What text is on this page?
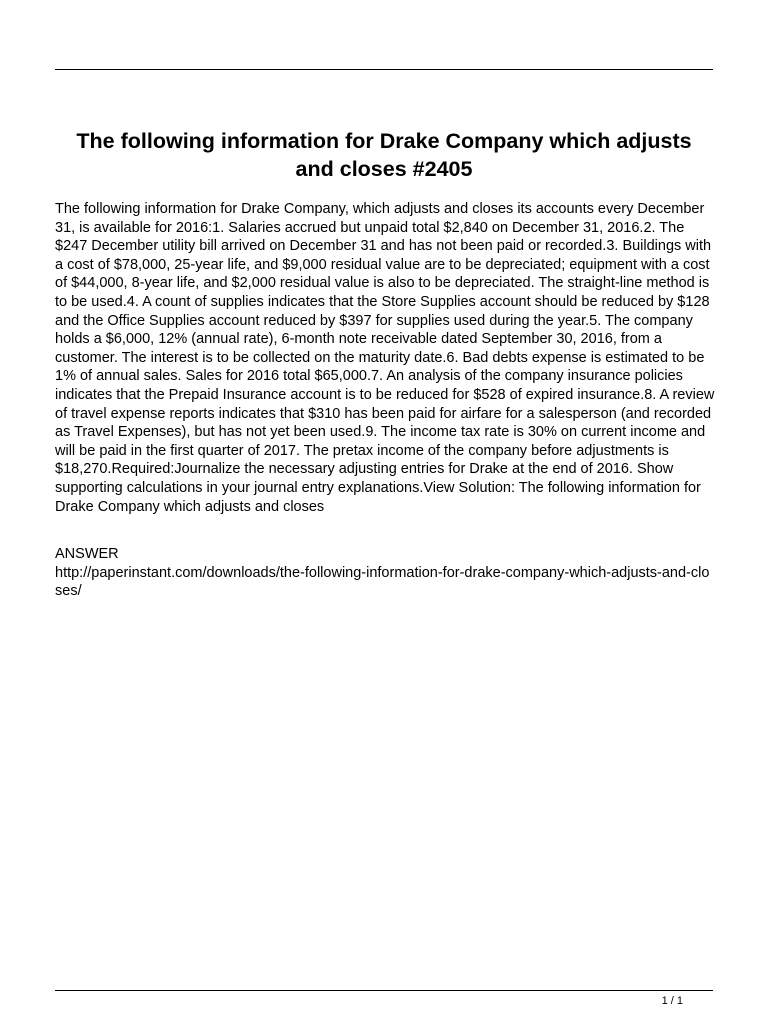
The following information for Drake Company which adjusts and closes #2405

The following information for Drake Company, which adjusts and closes its accounts every December 31, is available for 2016:1. Salaries accrued but unpaid total $2,840 on December 31, 2016.2. The $247 December utility bill arrived on December 31 and has not been paid or recorded.3. Buildings with a cost of $78,000, 25-year life, and $9,000 residual value are to be depreciated; equipment with a cost of $44,000, 8-year life, and $2,000 residual value is also to be depreciated. The straight-line method is to be used.4. A count of supplies indicates that the Store Supplies account should be reduced by $128 and the Office Supplies account reduced by $397 for supplies used during the year.5. The company holds a $6,000, 12% (annual rate), 6-month note receivable dated September 30, 2016, from a customer. The interest is to be collected on the maturity date.6. Bad debts expense is estimated to be 1% of annual sales. Sales for 2016 total $65,000.7. An analysis of the company insurance policies indicates that the Prepaid Insurance account is to be reduced for $528 of expired insurance.8. A review of travel expense reports indicates that $310 has been paid for airfare for a salesperson (and recorded as Travel Expenses), but has not yet been used.9. The income tax rate is 30% on current income and will be paid in the first quarter of 2017. The pretax income of the company before adjustments is $18,270.Required:Journalize the necessary adjusting entries for Drake at the end of 2016. Show supporting calculations in your journal entry explanations.View Solution: The following information for Drake Company which adjusts and closes

ANSWER
http://paperinstant.com/downloads/the-following-information-for-drake-company-which-adjusts-and-closes/
1 / 1
